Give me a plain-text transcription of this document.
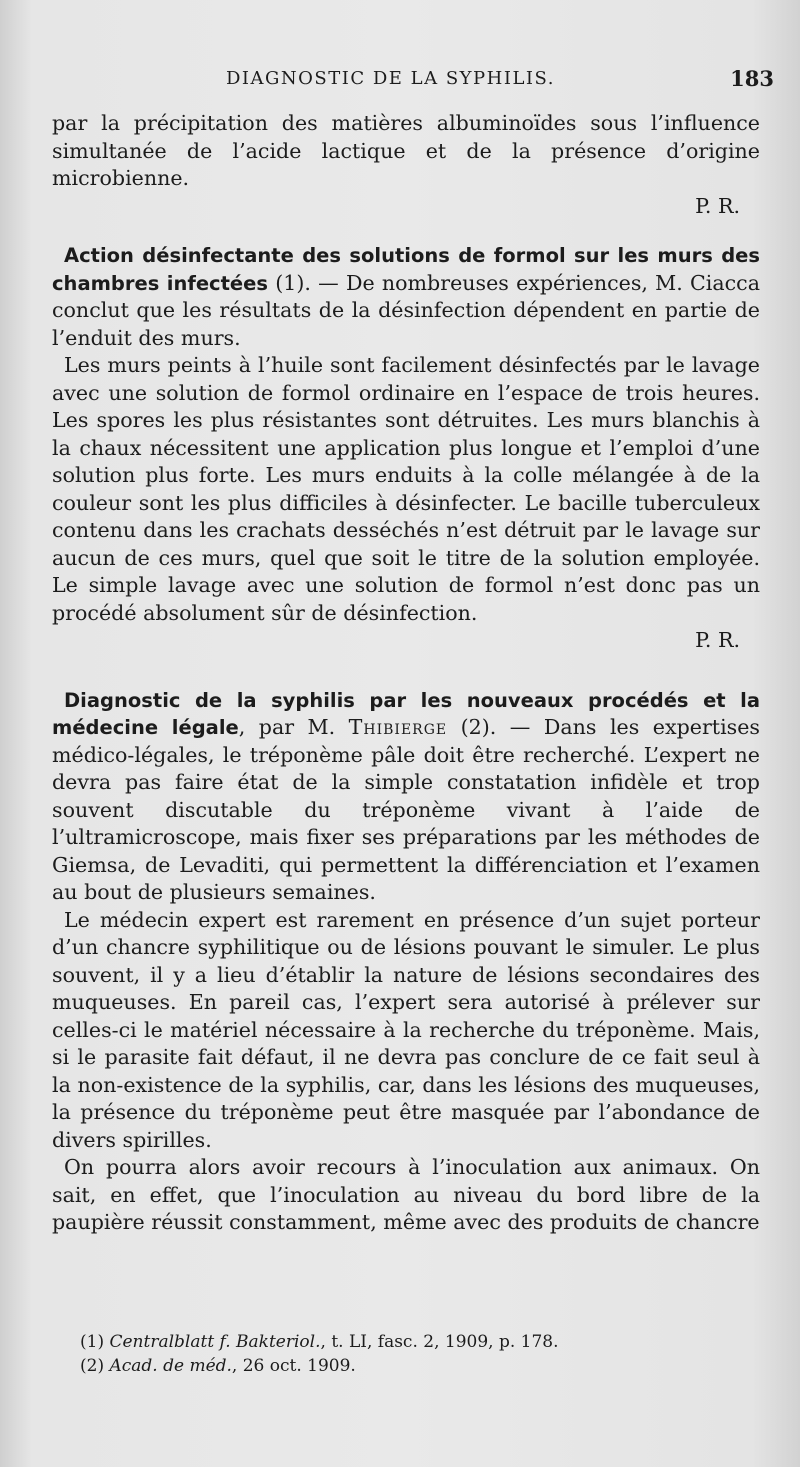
DIAGNOSTIC DE LA SYPHILIS.	183

par la précipitation des matières albuminoïdes sous l’influence simultanée de l’acide lactique et de la présence d’origine microbienne.

P. R.

Action désinfectante des solutions de formol sur les murs des chambres infectées (1). — De nombreuses expériences, M. Ciacca conclut que les résultats de la désinfection dépendent en partie de l’enduit des murs.

Les murs peints à l’huile sont facilement désinfectés par le lavage avec une solution de formol ordinaire en l’espace de trois heures. Les spores les plus résistantes sont détruites. Les murs blanchis à la chaux nécessitent une application plus longue et l’emploi d’une solution plus forte. Les murs enduits à la colle mélangée à de la couleur sont les plus difficiles à désinfecter. Le bacille tuberculeux contenu dans les crachats desséchés n’est détruit par le lavage sur aucun de ces murs, quel que soit le titre de la solution employée. Le simple lavage avec une solution de formol n’est donc pas un procédé absolument sûr de désinfection.

P. R.

Diagnostic de la syphilis par les nouveaux procédés et la médecine légale, par M. Thibierge (2). — Dans les expertises médico-légales, le tréponème pâle doit être recherché. L’expert ne devra pas faire état de la simple constatation infidèle et trop souvent discutable du tréponème vivant à l’aide de l’ultramicroscope, mais fixer ses préparations par les méthodes de Giemsa, de Levaditi, qui permettent la différenciation et l’examen au bout de plusieurs semaines.

Le médecin expert est rarement en présence d’un sujet porteur d’un chancre syphilitique ou de lésions pouvant le simuler. Le plus souvent, il y a lieu d’établir la nature de lésions secondaires des muqueuses. En pareil cas, l’expert sera autorisé à prélever sur celles-ci le matériel nécessaire à la recherche du tréponème. Mais, si le parasite fait défaut, il ne devra pas conclure de ce fait seul à la non-existence de la syphilis, car, dans les lésions des muqueuses, la présence du tréponème peut être masquée par l’abondance de divers spirilles.

On pourra alors avoir recours à l’inoculation aux animaux. On sait, en effet, que l’inoculation au niveau du bord libre de la paupière réussit constamment, même avec des produits de chancre

(1) Centralblatt f. Bakteriol., t. LI, fasc. 2, 1909, p. 178.

(2) Acad. de méd., 26 oct. 1909.
